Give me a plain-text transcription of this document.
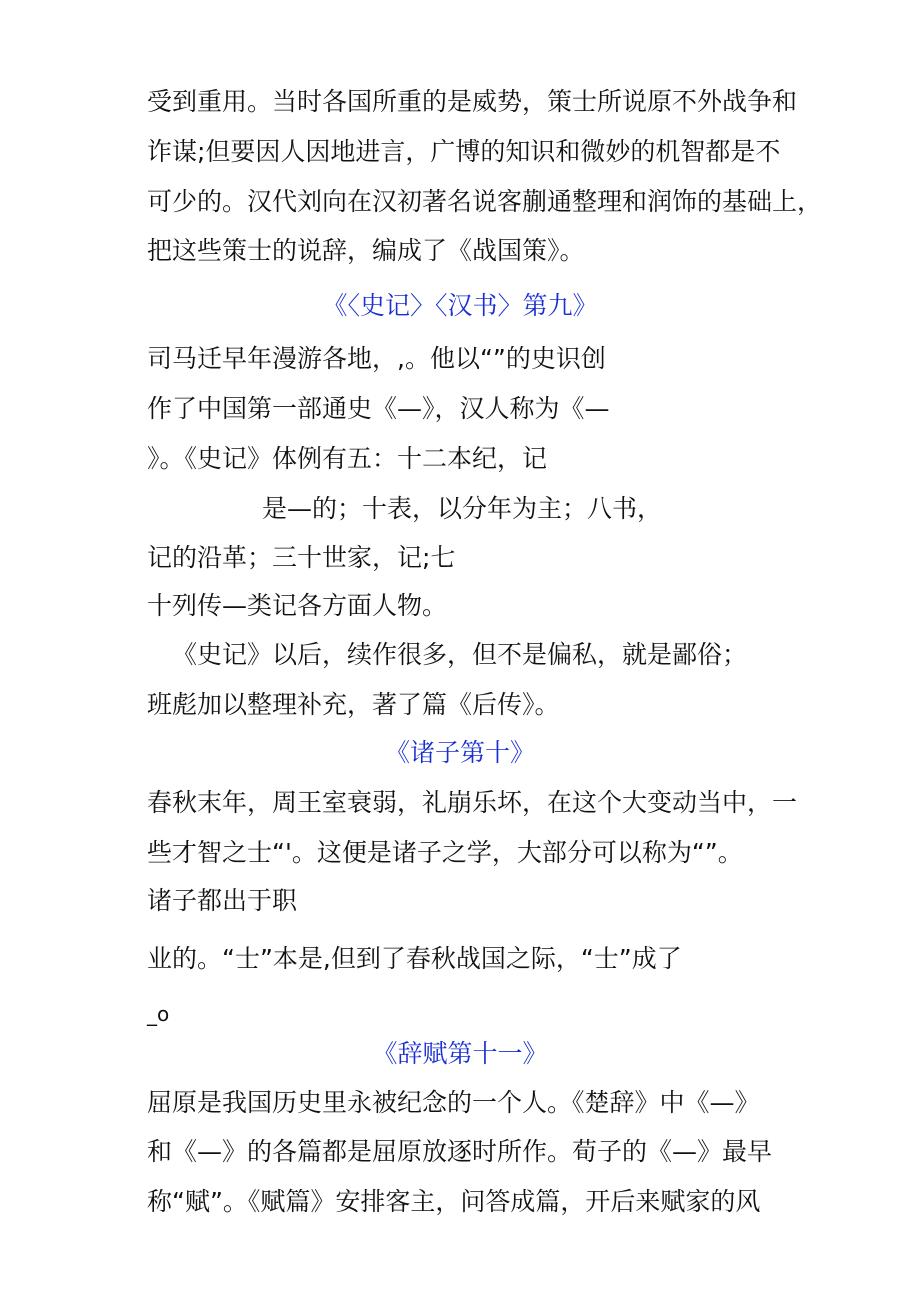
受到重用。当时各国所重的是威势，策士所说原不外战争和
诈谋;但要因人因地进言，广博的知识和微妙的机智都是不
可少的。汉代刘向在汉初著名说客蒯通整理和润饰的基础上，
把这些策士的说辞，编成了《战国策》。
《〈史记〉〈汉书〉第九》
司马迁早年漫游各地，,。他以“”的史识创
作了中国第一部通史《—》，汉人称为《—
》。《史记》体例有五：十二本纪，记
是—的；十表，以分年为主；八书，
记的沿革；三十世家，记;七
十列传—类记各方面人物。
《史记》以后，续作很多，但不是偏私，就是鄙俗；
班彪加以整理补充，著了篇《后传》。
《诸子第十》
春秋末年，周王室衰弱，礼崩乐坏，在这个大变动当中，一
些才智之士“'。这便是诸子之学，大部分可以称为“”。
诸子都出于职
业的。“士”本是,但到了春秋战国之际，“士”成了
_o
《辞赋第十一》
屈原是我国历史里永被纪念的一个人。《楚辞》中《—》
和《—》的各篇都是屈原放逐时所作。荀子的《—》最早
称“赋”。《赋篇》安排客主，问答成篇，开后来赋家的风
